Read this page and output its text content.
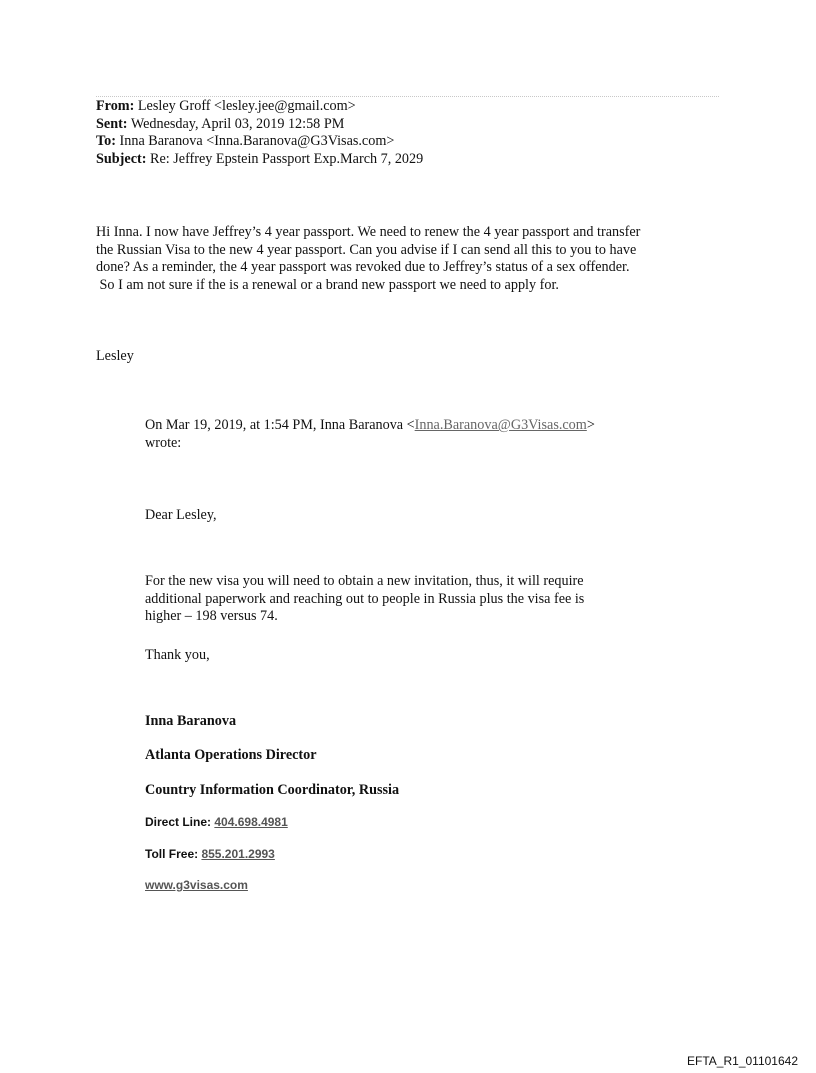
From: Lesley Groff <lesley.jee@gmail.com>
Sent: Wednesday, April 03, 2019 12:58 PM
To: Inna Baranova <Inna.Baranova@G3Visas.com>
Subject: Re: Jeffrey Epstein Passport Exp.March 7, 2029
Hi Inna. I now have Jeffrey’s 4 year passport. We need to renew the 4 year passport and transfer
the Russian Visa to the new 4 year passport. Can you advise if I can send all this to you to have
done? As a reminder, the 4 year passport was revoked due to Jeffrey’s status of a sex offender.
So I am not sure if the is a renewal or a brand new passport we need to apply for.
Lesley
On Mar 19, 2019, at 1:54 PM, Inna Baranova <Inna.Baranova@G3Visas.com>
wrote:
Dear Lesley,
For the new visa you will need to obtain a new invitation, thus, it will require
additional paperwork and reaching out to people in Russia plus the visa fee is
higher – 198 versus 74.
Thank you,
Inna Baranova
Atlanta Operations Director
Country Information Coordinator, Russia
Direct Line: 404.698.4981
Toll Free: 855.201.2993
www.g3visas.com
EFTA_R1_01101642
